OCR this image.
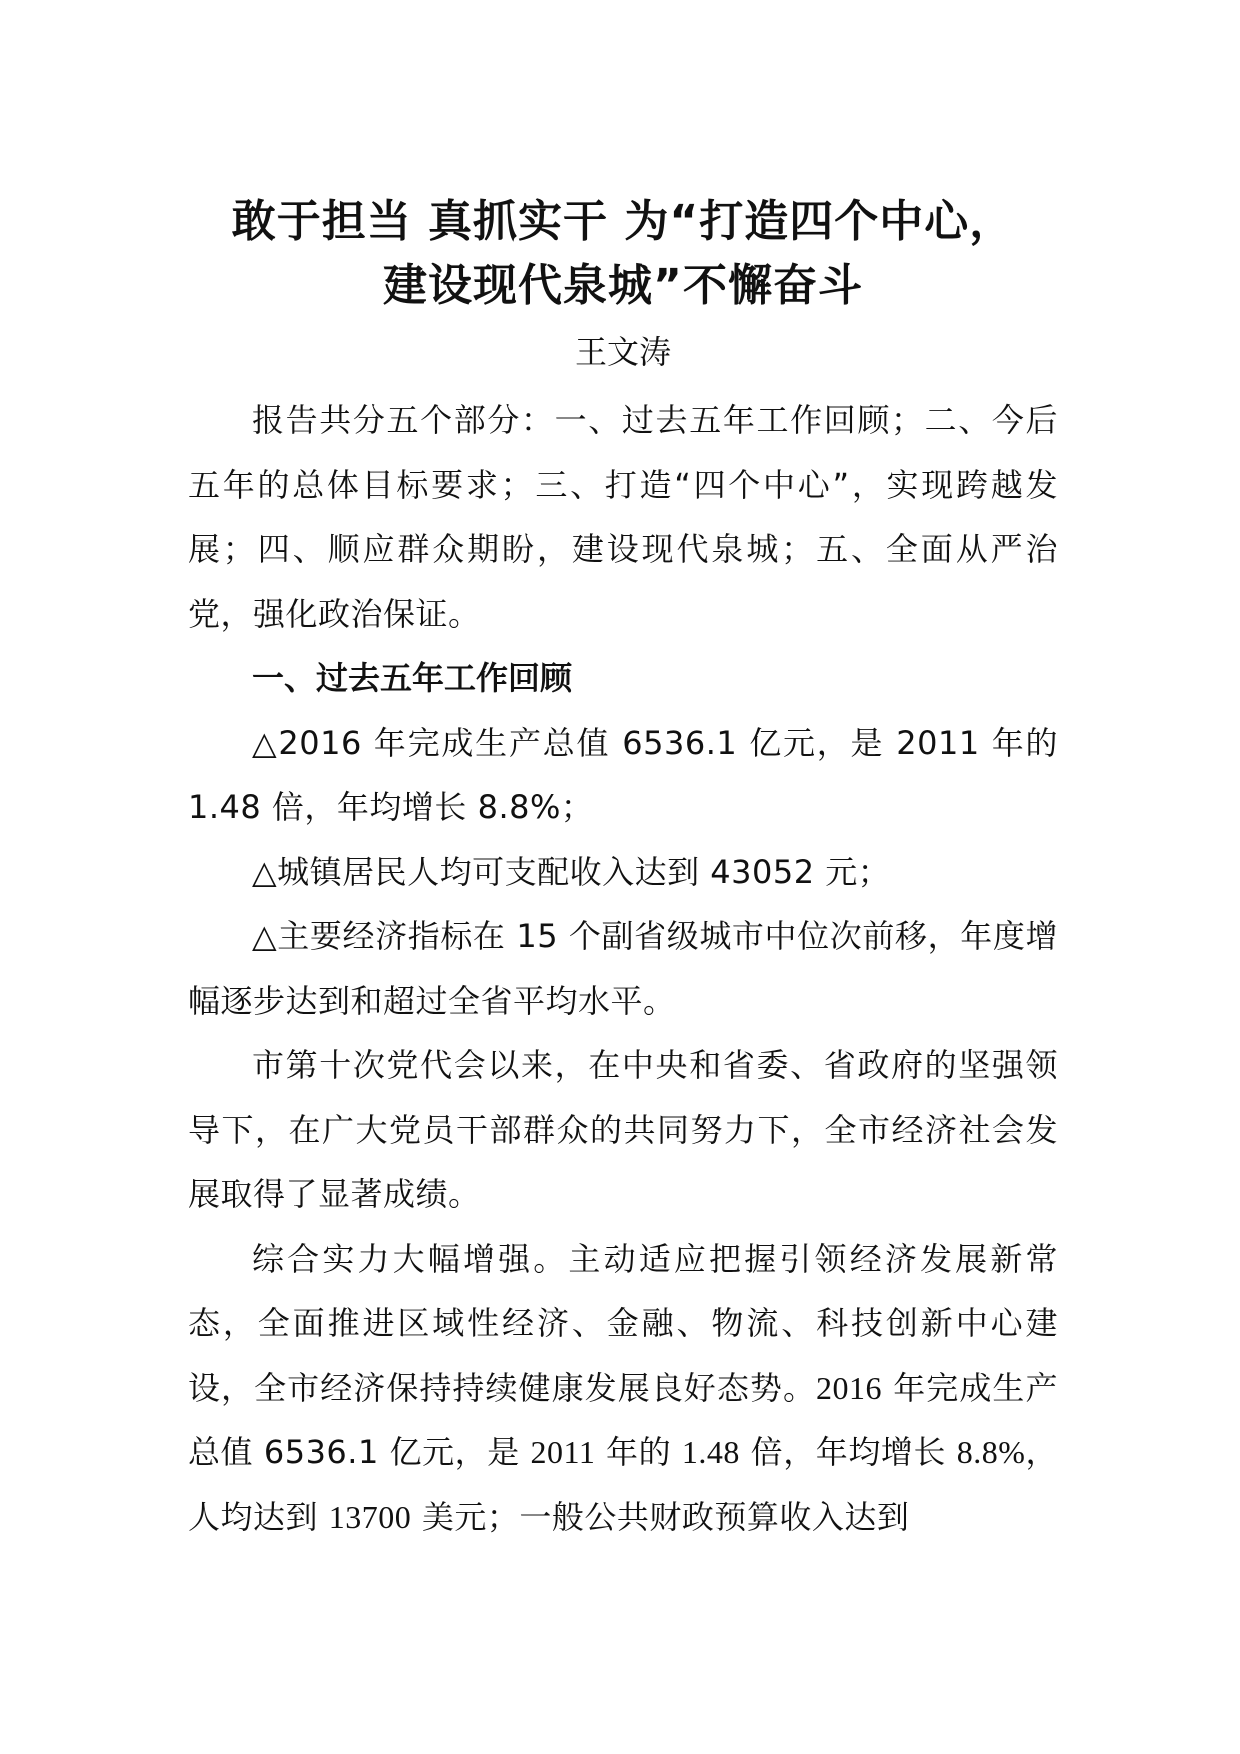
敢于担当 真抓实干 为“打造四个中心，
建设现代泉城”不懈奋斗
王文涛

报告共分五个部分：一、过去五年工作回顾；二、今后五年的总体目标要求；三、打造“四个中心”，实现跨越发展；四、顺应群众期盼，建设现代泉城；五、全面从严治党，强化政治保证。

一、过去五年工作回顾

△2016 年完成生产总值 6536.1 亿元，是 2011 年的1.48 倍，年均增长 8.8%；

△城镇居民人均可支配收入达到 43052 元；

△主要经济指标在 15 个副省级城市中位次前移，年度增幅逐步达到和超过全省平均水平。

市第十次党代会以来，在中央和省委、省政府的坚强领导下，在广大党员干部群众的共同努力下，全市经济社会发展取得了显著成绩。

综合实力大幅增强。主动适应把握引领经济发展新常态，全面推进区域性经济、金融、物流、科技创新中心建设，全市经济保持持续健康发展良好态势。2016 年完成生产总值 6536.1 亿元，是 2011 年的 1.48 倍，年均增长 8.8%，人均达到 13700 美元；一般公共财政预算收入达到
